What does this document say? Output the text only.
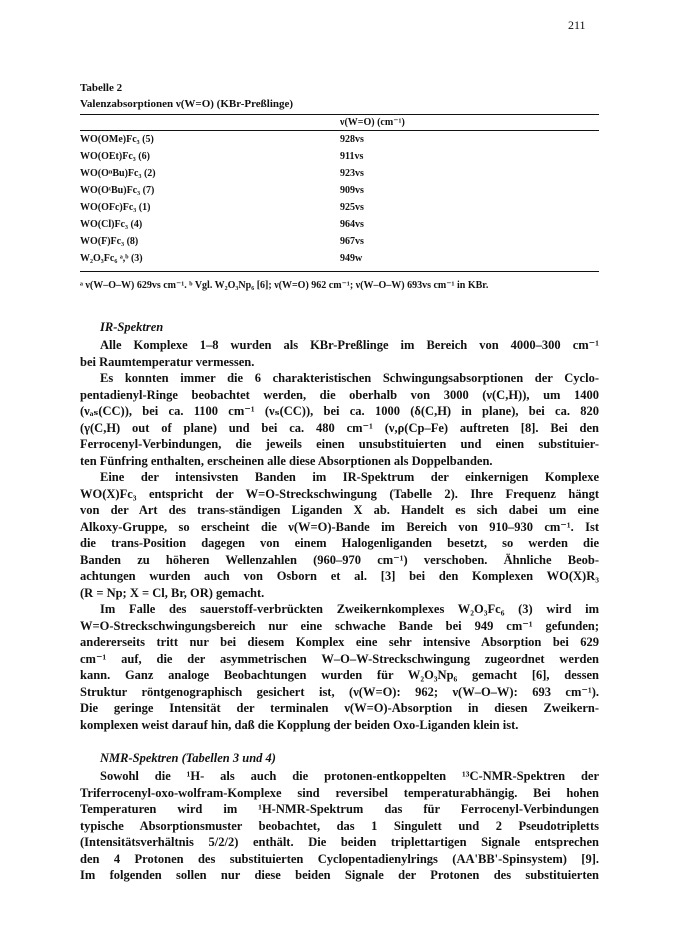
211
Tabelle 2
Valenzabsorptionen ν(W=O) (KBr-Preßlinge)
ν(W=O) (cm⁻¹)
WO(OMe)Fc₃ (5)	928vs
WO(OEt)Fc₃ (6)	911vs
WO(OⁿBu)Fc₃ (2)	923vs
WO(OᵗBu)Fc₃ (7)	909vs
WO(OFc)Fc₃ (1)	925vs
WO(Cl)Fc₃ (4)	964vs
WO(F)Fc₃ (8)	967vs
W₂O₃Fc₆ ᵃ,ᵇ (3)	949w
ᵃ ν(W–O–W) 629vs cm⁻¹. ᵇ Vgl. W₂O₃Np₆ [6]; ν(W=O) 962 cm⁻¹; ν(W–O–W) 693vs cm⁻¹ in KBr.
IR-Spektren
Alle Komplexe 1–8 wurden als KBr-Preßlinge im Bereich von 4000–300 cm⁻¹
bei Raumtemperatur vermessen.
Es konnten immer die 6 charakteristischen Schwingungsabsorptionen der Cyclo-
pentadienyl-Ringe beobachtet werden, die oberhalb von 3000 (ν(C,H)), um 1400
(νₐₛ(CC)), bei ca. 1100 cm⁻¹ (νₛ(CC)), bei ca. 1000 (δ(C,H) in plane), bei ca. 820
(γ(C,H) out of plane) und bei ca. 480 cm⁻¹ (ν,ρ(Cp–Fe) auftreten [8]. Bei den
Ferrocenyl-Verbindungen, die jeweils einen unsubstituierten und einen substituier-
ten Fünfring enthalten, erscheinen alle diese Absorptionen als Doppelbanden.
Eine der intensivsten Banden im IR-Spektrum der einkernigen Komplexe
WO(X)Fc₃ entspricht der W=O-Streckschwingung (Tabelle 2). Ihre Frequenz hängt
von der Art des trans-ständigen Liganden X ab. Handelt es sich dabei um eine
Alkoxy-Gruppe, so erscheint die ν(W=O)-Bande im Bereich von 910–930 cm⁻¹. Ist
die trans-Position dagegen von einem Halogenliganden besetzt, so werden die
Banden zu höheren Wellenzahlen (960–970 cm⁻¹) verschoben. Ähnliche Beob-
achtungen wurden auch von Osborn et al. [3] bei den Komplexen WO(X)R₃
(R = Np; X = Cl, Br, OR) gemacht.
Im Falle des sauerstoff-verbrückten Zweikernkomplexes W₂O₃Fc₆ (3) wird im
W=O-Streckschwingungsbereich nur eine schwache Bande bei 949 cm⁻¹ gefunden;
andererseits tritt nur bei diesem Komplex eine sehr intensive Absorption bei 629
cm⁻¹ auf, die der asymmetrischen W–O–W-Streckschwingung zugeordnet werden
kann. Ganz analoge Beobachtungen wurden für W₂O₃Np₆ gemacht [6], dessen
Struktur röntgenographisch gesichert ist, (ν(W=O): 962; ν(W–O–W): 693 cm⁻¹).
Die geringe Intensität der terminalen ν(W=O)-Absorption in diesen Zweikern-
komplexen weist darauf hin, daß die Kopplung der beiden Oxo-Liganden klein ist.
NMR-Spektren (Tabellen 3 und 4)
Sowohl die ¹H- als auch die protonen-entkoppelten ¹³C-NMR-Spektren der
Triferrocenyl-oxo-wolfram-Komplexe sind reversibel temperaturabhängig. Bei hohen
Temperaturen wird im ¹H-NMR-Spektrum das für Ferrocenyl-Verbindungen
typische Absorptionsmuster beobachtet, das 1 Singulett und 2 Pseudotripletts
(Intensitätsverhältnis 5/2/2) enthält. Die beiden triplettartigen Signale entsprechen
den 4 Protonen des substituierten Cyclopentadienylrings (AA'BB'-Spinsystem) [9].
Im folgenden sollen nur diese beiden Signale der Protonen des substituierten
